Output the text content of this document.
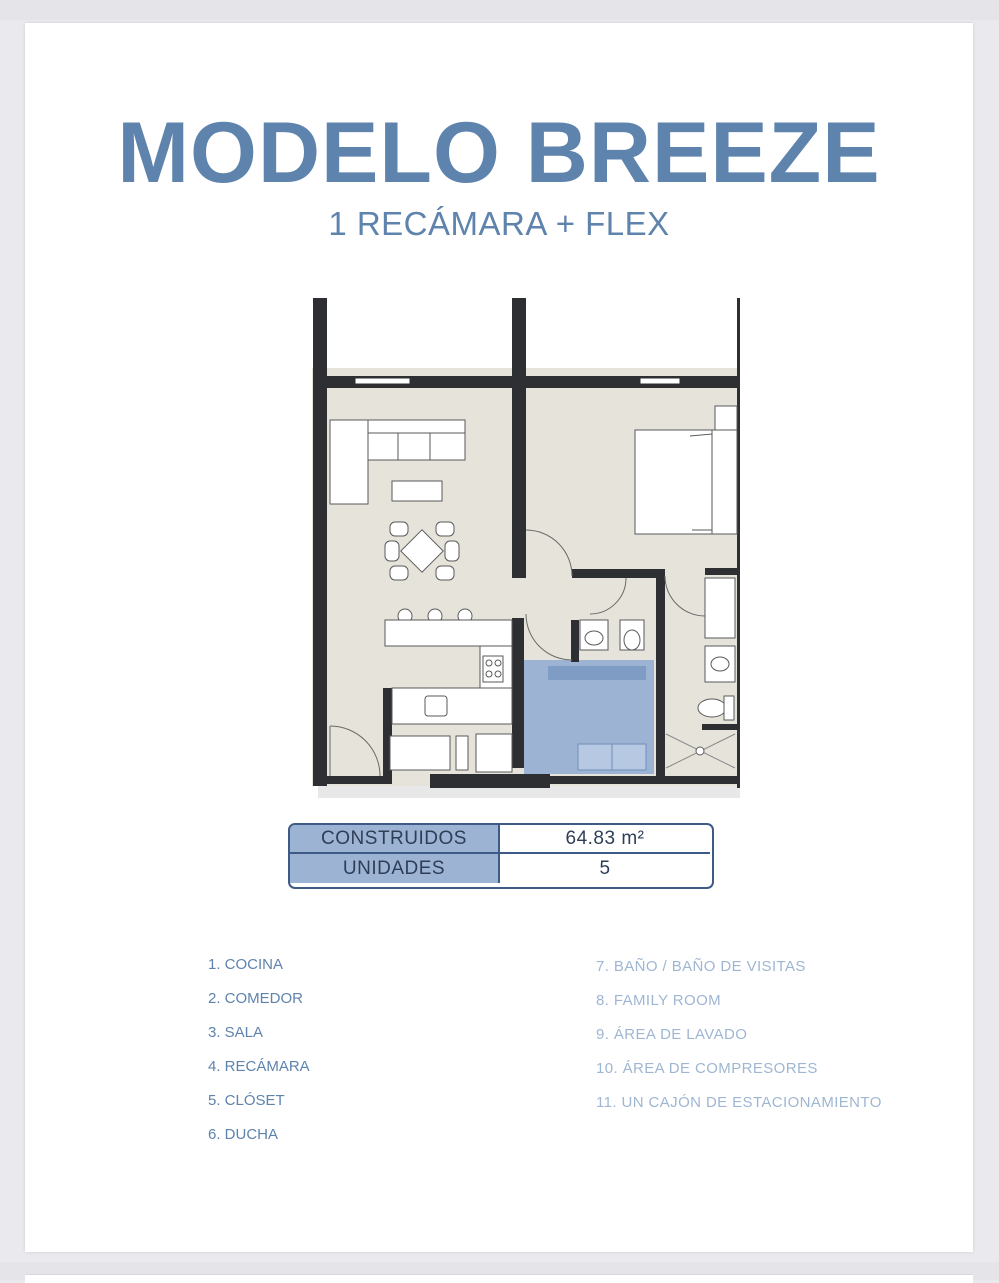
MODELO BREEZE
1 RECÁMARA + FLEX
CONSTRUIDOS	64.83 m²
UNIDADES	5
1. COCINA
2. COMEDOR
3. SALA
4. RECÁMARA
5. CLÓSET
6. DUCHA
7. BAÑO / BAÑO DE VISITAS
8. FAMILY ROOM
9. ÁREA DE LAVADO
10. ÁREA DE COMPRESORES
11. UN CAJÓN DE ESTACIONAMIENTO
